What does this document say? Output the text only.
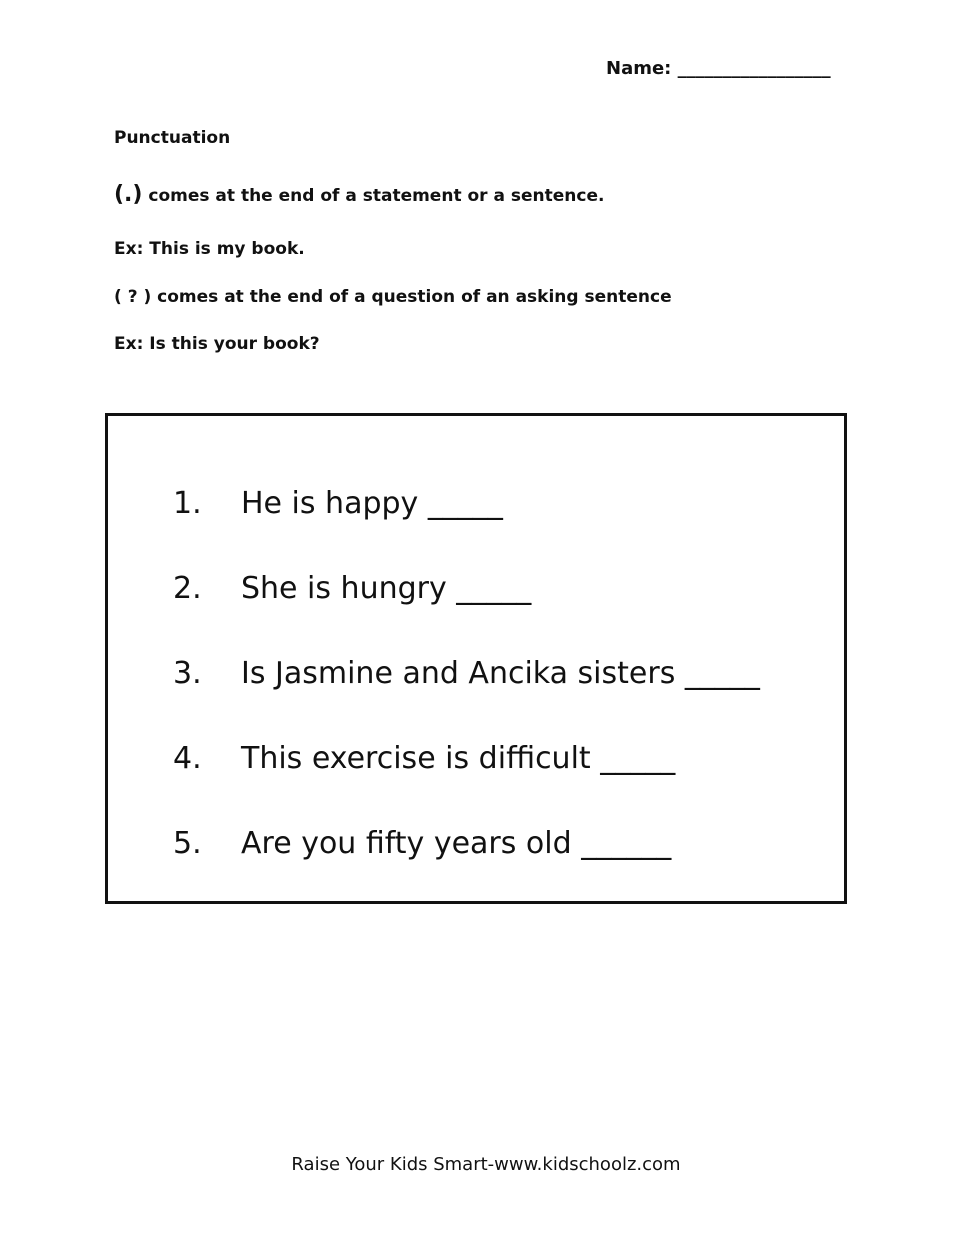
Name: _________________
Punctuation
(.) comes at the end of a statement or a sentence.
Ex: This is my book.
( ? ) comes at the end of a question of an asking sentence
Ex: Is this your book?
1.	He is happy _____
2.	She is hungry _____
3.	Is Jasmine and Ancika sisters _____
4.	This exercise is difficult _____
5.	Are you fifty years old ______
Raise Your Kids Smart-www.kidschoolz.com
